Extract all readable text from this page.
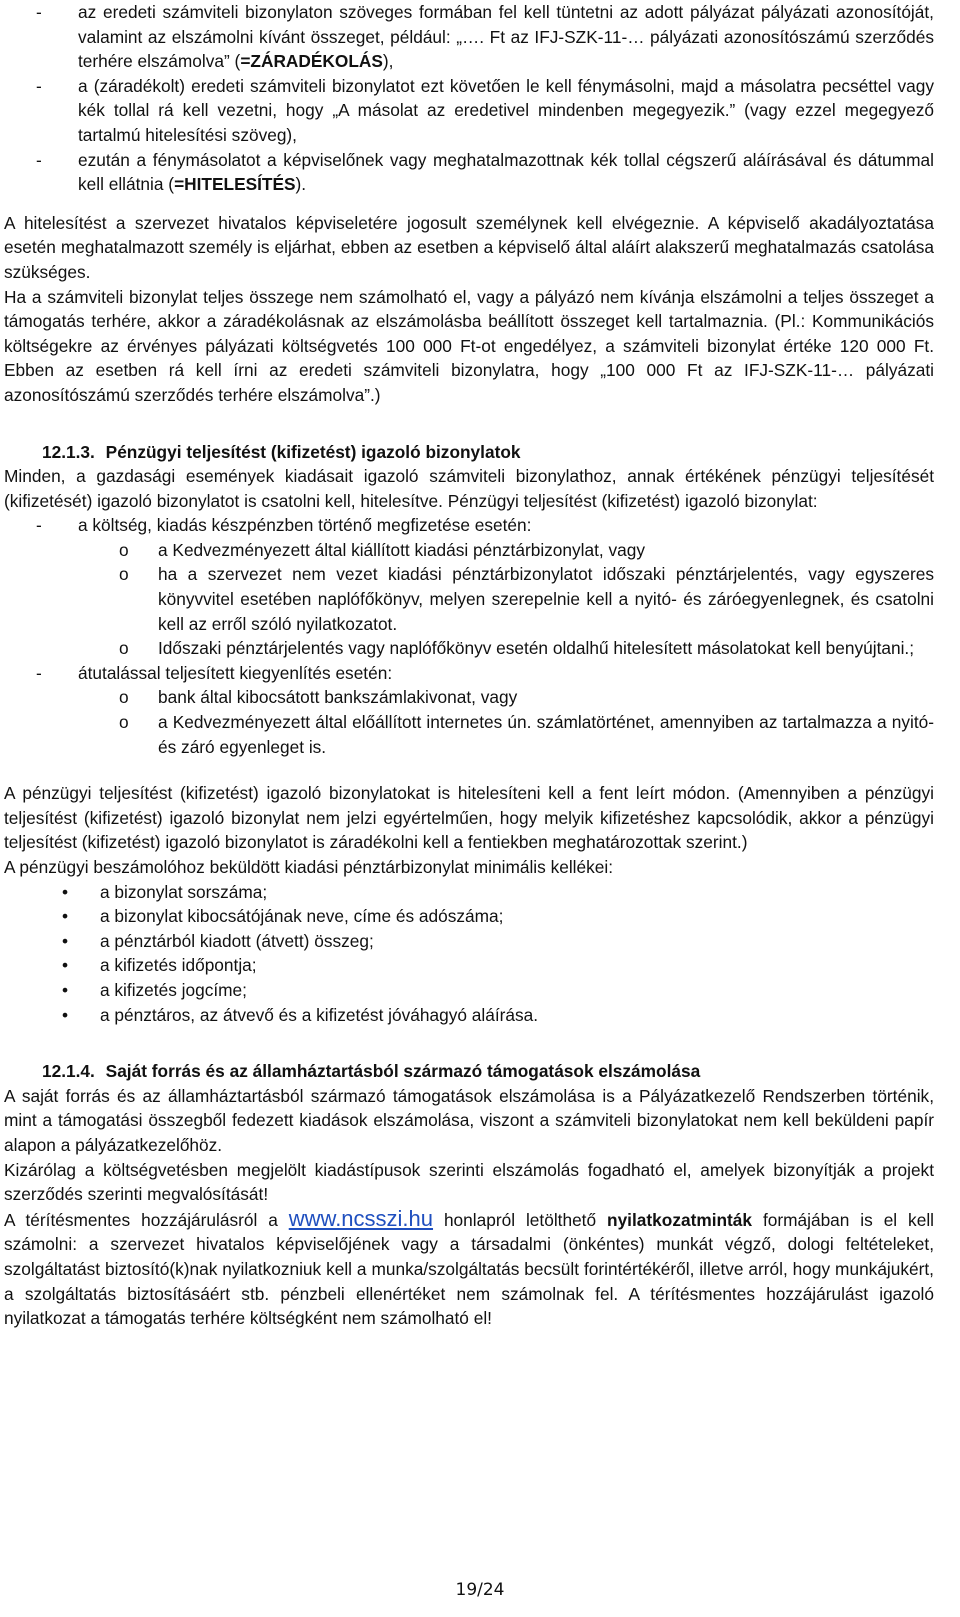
- az eredeti számviteli bizonylaton szöveges formában fel kell tüntetni az adott pályázat pályázati azonosítóját, valamint az elszámolni kívánt összeget, például: „…. Ft az IFJ-SZK-11-… pályázati azonosítószámú szerződés terhére elszámolva” (=ZÁRADÉKOLÁS),
- a (záradékolt) eredeti számviteli bizonylatot ezt követően le kell fénymásolni, majd a másolatra pecséttel vagy kék tollal rá kell vezetni, hogy „A másolat az eredetivel mindenben megegyezik.” (vagy ezzel megegyező tartalmú hitelesítési szöveg),
- ezután a fénymásolatot a képviselőnek vagy meghatalmazottnak kék tollal cégszerű aláírásával és dátummal kell ellátnia (=HITELESÍTÉS).
A hitelesítést a szervezet hivatalos képviseletére jogosult személynek kell elvégeznie. A képviselő akadályoztatása esetén meghatalmazott személy is eljárhat, ebben az esetben a képviselő által aláírt alakszerű meghatalmazás csatolása szükséges.
Ha a számviteli bizonylat teljes összege nem számolható el, vagy a pályázó nem kívánja elszámolni a teljes összeget a támogatás terhére, akkor a záradékolásnak az elszámolásba beállított összeget kell tartalmaznia. (Pl.: Kommunikációs költségekre az érvényes pályázati költségvetés 100 000 Ft-ot engedélyez, a számviteli bizonylat értéke 120 000 Ft. Ebben az esetben rá kell írni az eredeti számviteli bizonylatra, hogy „100 000 Ft az IFJ-SZK-11-… pályázati azonosítószámú szerződés terhére elszámolva”.)
12.1.3. Pénzügyi teljesítést (kifizetést) igazoló bizonylatok
Minden, a gazdasági események kiadásait igazoló számviteli bizonylathoz, annak értékének pénzügyi teljesítését (kifizetését) igazoló bizonylatot is csatolni kell, hitelesítve. Pénzügyi teljesítést (kifizetést) igazoló bizonylat:
- a költség, kiadás készpénzben történő megfizetése esetén:
o a Kedvezményezett által kiállított kiadási pénztárbizonylat, vagy
o ha a szervezet nem vezet kiadási pénztárbizonylatot időszaki pénztárjelentés, vagy egyszeres könyvvitel esetében naplófőkönyv, melyen szerepelnie kell a nyitó- és záróegyenlegnek, és csatolni kell az erről szóló nyilatkozatot.
o Időszaki pénztárjelentés vagy naplófőkönyv esetén oldalhű hitelesített másolatokat kell benyújtani.;
- átutalással teljesített kiegyenlítés esetén:
o bank által kibocsátott bankszámlakivonat, vagy
o a Kedvezményezett által előállított internetes ún. számlatörténet, amennyiben az tartalmazza a nyitó- és záró egyenleget is.
A pénzügyi teljesítést (kifizetést) igazoló bizonylatokat is hitelesíteni kell a fent leírt módon. (Amennyiben a pénzügyi teljesítést (kifizetést) igazoló bizonylat nem jelzi egyértelműen, hogy melyik kifizetéshez kapcsolódik, akkor a pénzügyi teljesítést (kifizetést) igazoló bizonylatot is záradékolni kell a fentiekben meghatározottak szerint.)
A pénzügyi beszámolóhoz beküldött kiadási pénztárbizonylat minimális kellékei:
• a bizonylat sorszáma;
• a bizonylat kibocsátójának neve, címe és adószáma;
• a pénztárból kiadott (átvett) összeg;
• a kifizetés időpontja;
• a kifizetés jogcíme;
• a pénztáros, az átvevő és a kifizetést jóváhagyó aláírása.
12.1.4. Saját forrás és az államháztartásból származó támogatások elszámolása
A saját forrás és az államháztartásból származó támogatások elszámolása is a Pályázatkezelő Rendszerben történik, mint a támogatási összegből fedezett kiadások elszámolása, viszont a számviteli bizonylatokat nem kell beküldeni papír alapon a pályázatkezelőhöz.
Kizárólag a költségvetésben megjelölt kiadástípusok szerinti elszámolás fogadható el, amelyek bizonyítják a projekt szerződés szerinti megvalósítását!
A térítésmentes hozzájárulásról a www.ncsszi.hu honlapról letölthető nyilatkozatminták formájában is el kell számolni: a szervezet hivatalos képviselőjének vagy a társadalmi (önkéntes) munkát végző, dologi feltételeket, szolgáltatást biztosító(k)nak nyilatkozniuk kell a munka/szolgáltatás becsült forintértékéről, illetve arról, hogy munkájukért, a szolgáltatás biztosításáért stb. pénzbeli ellenértéket nem számolnak fel. A térítésmentes hozzájárulást igazoló nyilatkozat a támogatás terhére költségként nem számolható el!
19/24
